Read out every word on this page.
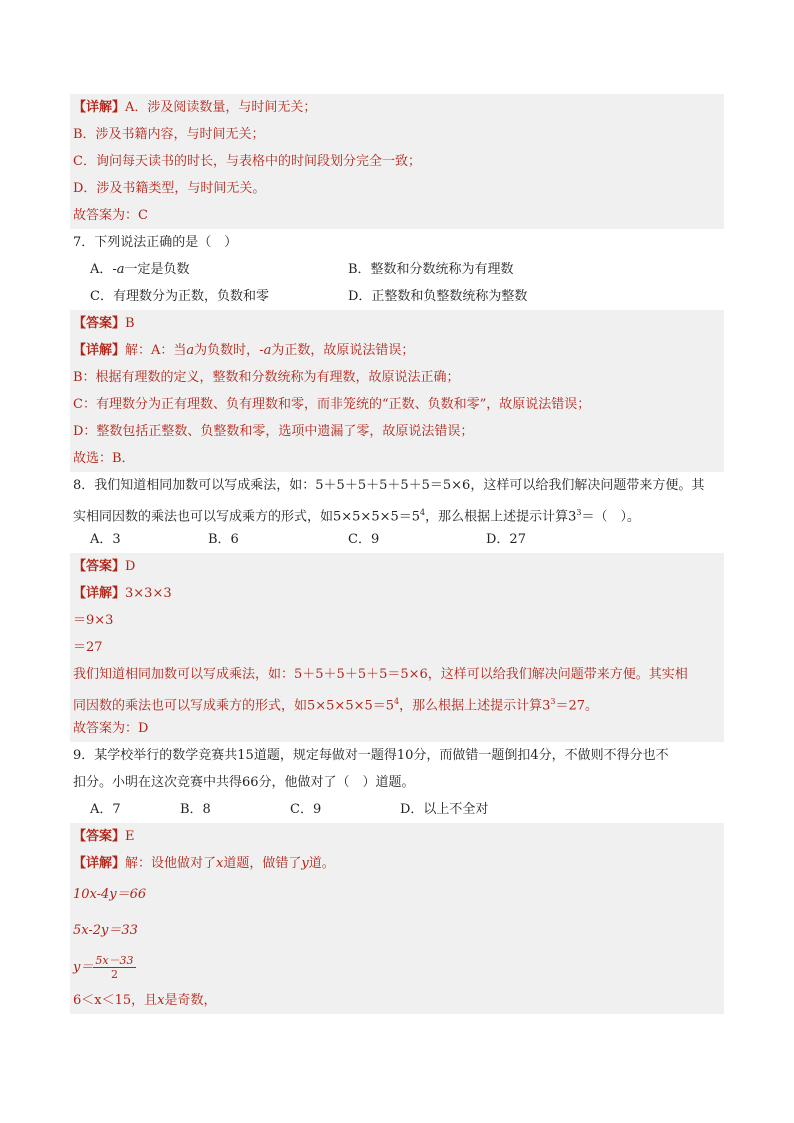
【详解】A．涉及阅读数量，与时间无关；
B．涉及书籍内容，与时间无关；
C．询问每天读书的时长，与表格中的时间段划分完全一致；
D．涉及书籍类型，与时间无关。
故答案为：C
7．下列说法正确的是（　）
A．-a一定是负数	B．整数和分数统称为有理数
C．有理数分为正数，负数和零	D．正整数和负整数统称为整数
【答案】B
【详解】解：A：当a为负数时，-a为正数，故原说法错误；
B：根据有理数的定义，整数和分数统称为有理数，故原说法正确；
C：有理数分为正有理数、负有理数和零，而非笼统的“正数、负数和零”，故原说法错误；
D：整数包括正整数、负整数和零，选项中遗漏了零，故原说法错误；
故选：B．
8．我们知道相同加数可以写成乘法，如：5＋5＋5＋5＋5＋5＝5×6，这样可以给我们解决问题带来方便。其
实相同因数的乘法也可以写成乘方的形式，如$5\times 5\times 5\times 5=5^4$，那么根据上述提示计算$3^3=$（　）。
A．3	B．6	C．9	D．27
【答案】D
【详解】3×3×3
＝9×3
＝27
我们知道相同加数可以写成乘法，如：5＋5＋5＋5＋5＝5×6，这样可以给我们解决问题带来方便。其实相
同因数的乘法也可以写成乘方的形式，如$5\times 5\times 5\times 5=5^4$，那么根据上述提示计算$3^3=27$。
故答案为：D
9．某学校举行的数学竞赛共15道题，规定每做对一题得10分，而做错一题倒扣4分，不做则不得分也不
扣分。小明在这次竞赛中共得66分，他做对了（　）道题。
A．7	B．8	C．9	D．以上不全对
【答案】E
【详解】解：设他做对了x道题，做错了y道。
10x-4y＝66
5x-2y＝33
$y= \frac{5x-33}{2}$
6＜x＜15，且x是奇数，
